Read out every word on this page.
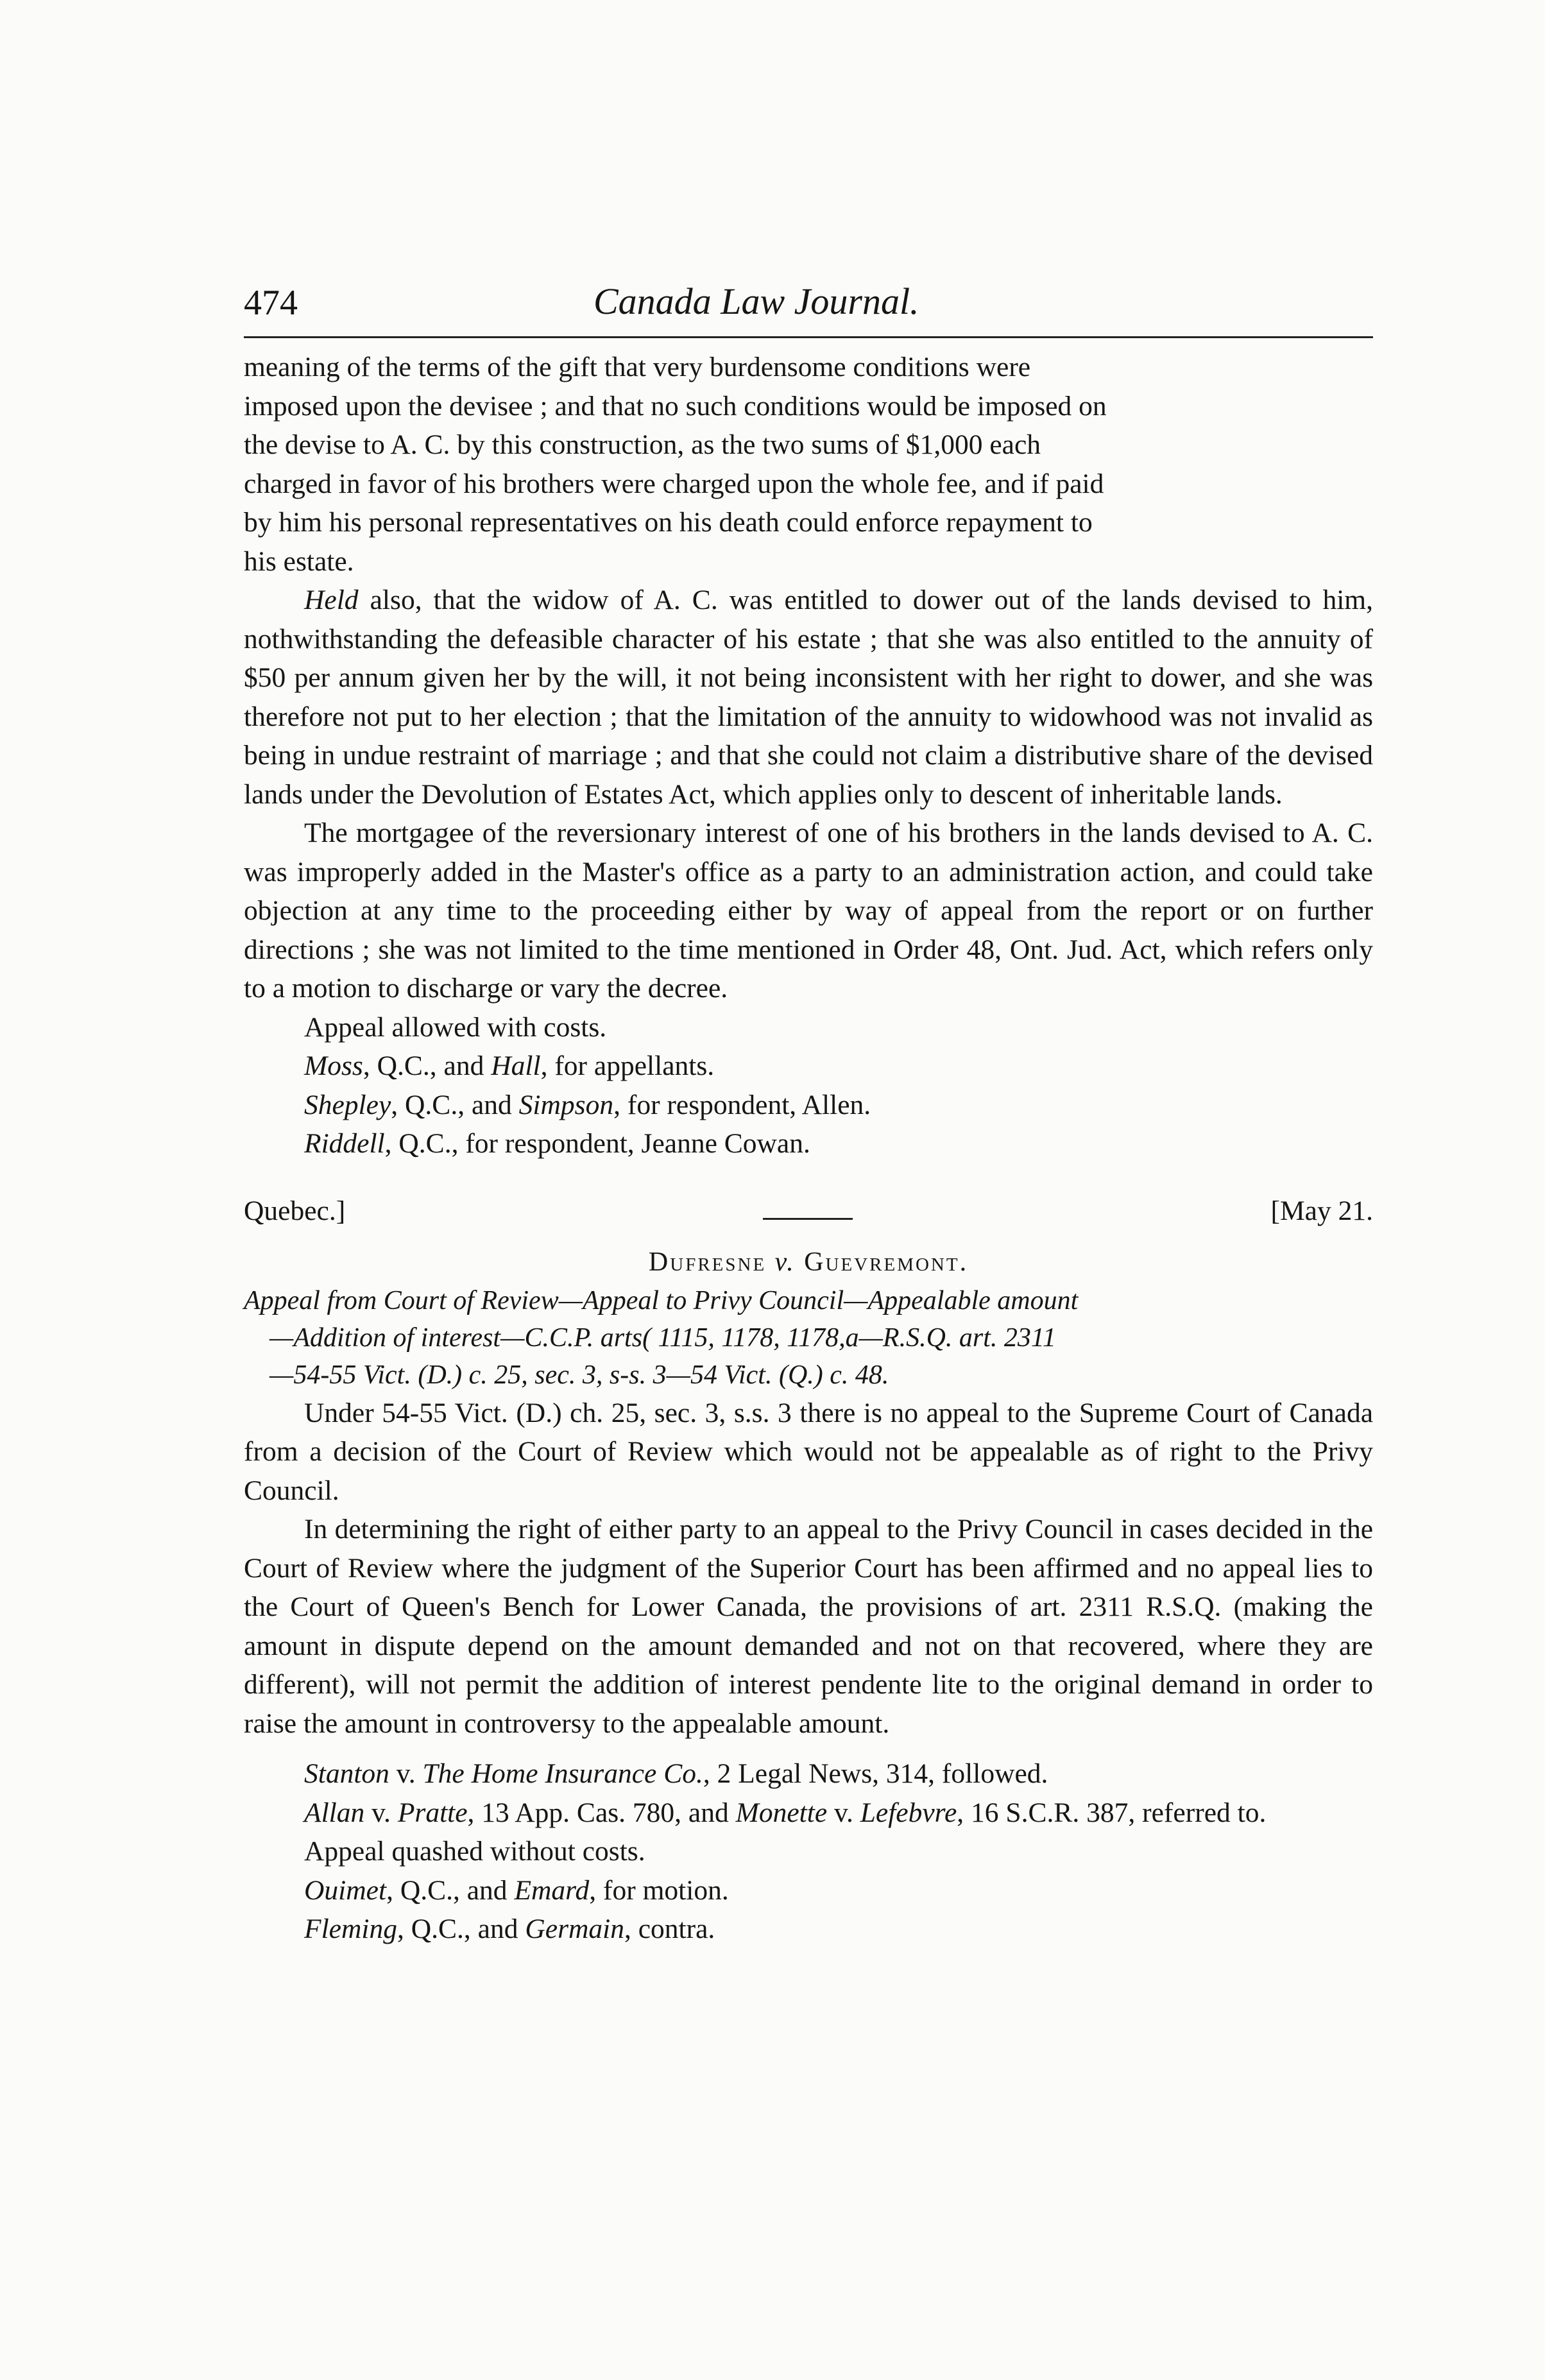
474	Canada Law Journal.
meaning of the terms of the gift that very burdensome conditions were
imposed upon the devisee ; and that no such conditions would be imposed on
the devise to A. C. by this construction, as the two sums of $1,000 each
charged in favor of his brothers were charged upon the whole fee, and if paid
by him his personal representatives on his death could enforce repayment to
his estate.

Held also, that the widow of A. C. was entitled to dower out of the lands devised to him, nothwithstanding the defeasible character of his estate ; that she was also entitled to the annuity of $50 per annum given her by the will, it not being inconsistent with her right to dower, and she was therefore not put to her election ; that the limitation of the annuity to widowhood was not invalid as being in undue restraint of marriage ; and that she could not claim a distributive share of the devised lands under the Devolution of Estates Act, which applies only to descent of inheritable lands.

The mortgagee of the reversionary interest of one of his brothers in the lands devised to A. C. was improperly added in the Master's office as a party to an administration action, and could take objection at any time to the proceeding either by way of appeal from the report or on further directions ; she was not limited to the time mentioned in Order 48, Ont. Jud. Act, which refers only to a motion to discharge or vary the decree.

Appeal allowed with costs.
Moss, Q.C., and Hall, for appellants.
Shepley, Q.C., and Simpson, for respondent, Allen.
Riddell, Q.C., for respondent, Jeanne Cowan.
Quebec.]	[May 21.
Dufresne v. Guevremont.
Appeal from Court of Review—Appeal to Privy Council—Appealable amount
—Addition of interest—C.C.P. arts( 1115, 1178, 1178,a—R.S.Q. art. 2311
—54-55 Vict. (D.) c. 25, sec. 3, s-s. 3—54 Vict. (Q.) c. 48.

Under 54-55 Vict. (D.) ch. 25, sec. 3, s.s. 3 there is no appeal to the Supreme Court of Canada from a decision of the Court of Review which would not be appealable as of right to the Privy Council.

In determining the right of either party to an appeal to the Privy Council in cases decided in the Court of Review where the judgment of the Superior Court has been affirmed and no appeal lies to the Court of Queen's Bench for Lower Canada, the provisions of art. 2311 R.S.Q. (making the amount in dispute depend on the amount demanded and not on that recovered, where they are different), will not permit the addition of interest pendente lite to the original demand in order to raise the amount in controversy to the appealable amount.

Stanton v. The Home Insurance Co., 2 Legal News, 314, followed.

Allan v. Pratte, 13 App. Cas. 780, and Monette v. Lefebvre, 16 S.C.R. 387, referred to.

Appeal quashed without costs.
Ouimet, Q.C., and Emard, for motion.
Fleming, Q.C., and Germain, contra.
